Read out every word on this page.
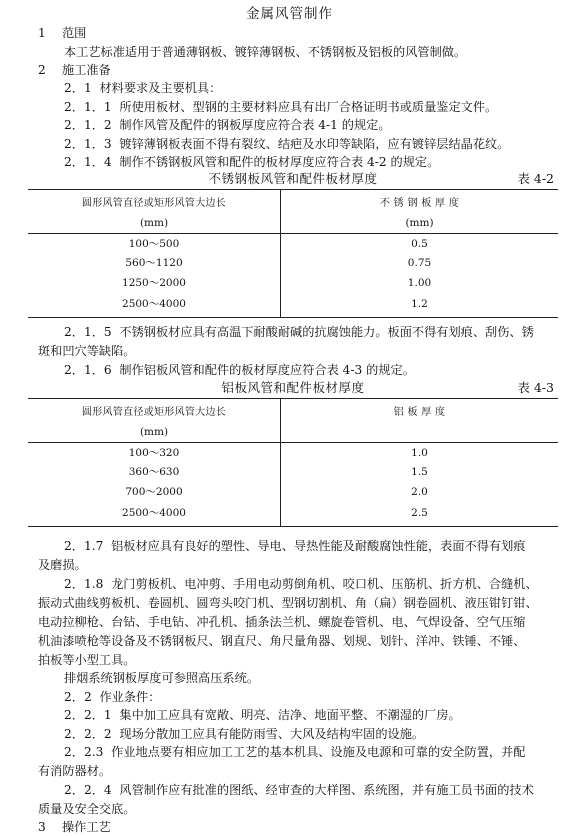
金属风管制作
1 范围
本工艺标准适用于普通薄钢板、镀锌薄钢板、不锈钢板及铝板的风管制做。
2 施工准备
2．1 材料要求及主要机具：
2．1．1 所使用板材、型钢的主要材料应具有出厂合格证明书或质量鉴定文件。
2．1．2 制作风管及配件的钢板厚度应符合表 4-1 的规定。
2．1．3 镀锌薄钢板表面不得有裂纹、结疤及水印等缺陷，应有镀锌层结晶花纹。
2．1．4 制作不锈钢板风管和配件的板材厚度应符合表 4-2 的规定。
不锈钢板风管和配件板材厚度	表 4-2
圆形风管直径或矩形风管大边长	不 锈 钢 板 厚 度
(mm)	(mm)
100～500	0.5
560～1120	0.75
1250～2000	1.00
2500～4000	1.2
2．1．5 不锈钢板材应具有高温下耐酸耐碱的抗腐蚀能力。板面不得有划痕、刮伤、锈
斑和凹穴等缺陷。
2．1．6 制作铝板风管和配件的板材厚度应符合表 4-3 的规定。
铝板风管和配件板材厚度	表 4-3
圆形风管直径或矩形风管大边长	铝 板 厚 度
(mm)	
100～320	1.0
360～630	1.5
700～2000	2.0
2500～4000	2.5
2．1.7 铝板材应具有良好的塑性、导电、导热性能及耐酸腐蚀性能，表面不得有划痕
及磨损。
2．1.8 龙门剪板机、电冲剪、手用电动剪倒角机、咬口机、压筋机、折方机、合缝机、
振动式曲线剪板机、卷圆机、圆弯头咬门机、型钢切割机、角（扁）钢卷圆机、液压钳钉钳、
电动拉柳枪、台钻、手电钻、冲孔机、插条法兰机、螺旋卷管机、电、气焊设备、空气压缩
机油漆喷枪等设备及不锈钢板尺、钢直尺、角尺量角器、划规、划针、洋冲、铁锤、不锤、
拍板等小型工具。
排烟系统钢板厚度可参照高压系统。
2．2 作业条件：
2．2．1 集中加工应具有宽敞、明亮、洁净、地面平整、不潮湿的厂房。
2．2．2 现场分散加工应具有能防雨雪、大风及结构牢固的设施。
2．2.3 作业地点要有相应加工工艺的基本机具、设施及电源和可靠的安全防置，并配
有消防器材。
2．2．4 风管制作应有批准的图纸、经审查的大样图、系统图，并有施工员书面的技术
质量及安全交底。
3 操作工艺
